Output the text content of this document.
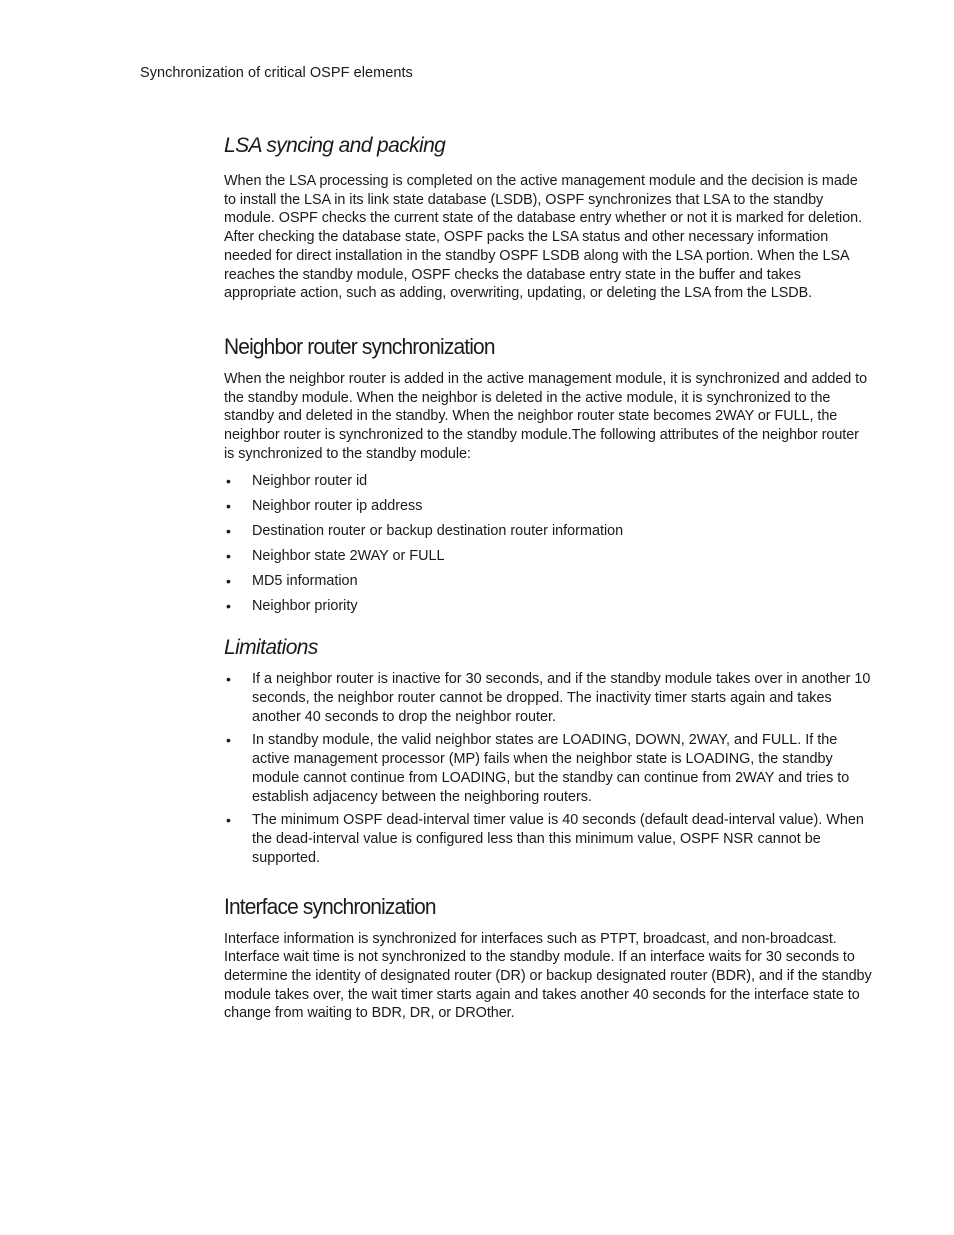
Synchronization of critical OSPF elements
LSA syncing and packing

When the LSA processing is completed on the active management module and the decision is made to install the LSA in its link state database (LSDB), OSPF synchronizes that LSA to the standby module. OSPF checks the current state of the database entry whether or not it is marked for deletion. After checking the database state, OSPF packs the LSA status and other necessary information needed for direct installation in the standby OSPF LSDB along with the LSA portion. When the LSA reaches the standby module, OSPF checks the database entry state in the buffer and takes appropriate action, such as adding, overwriting, updating, or deleting the LSA from the LSDB.

Neighbor router synchronization

When the neighbor router is added in the active management module, it is synchronized and added to the standby module. When the neighbor is deleted in the active module, it is synchronized to the standby and deleted in the standby. When the neighbor router state becomes 2WAY or FULL, the neighbor router is synchronized to the standby module.The following attributes of the neighbor router is synchronized to the standby module:

• Neighbor router id
• Neighbor router ip address
• Destination router or backup destination router information
• Neighbor state 2WAY or FULL
• MD5 information
• Neighbor priority
Limitations
• If a neighbor router is inactive for 30 seconds, and if the standby module takes over in another 10 seconds, the neighbor router cannot be dropped. The inactivity timer starts again and takes another 40 seconds to drop the neighbor router.
• In standby module, the valid neighbor states are LOADING, DOWN, 2WAY, and FULL. If the active management processor (MP) fails when the neighbor state is LOADING, the standby module cannot continue from LOADING, but the standby can continue from 2WAY and tries to establish adjacency between the neighboring routers.
• The minimum OSPF dead-interval timer value is 40 seconds (default dead-interval value). When the dead-interval value is configured less than this minimum value, OSPF NSR cannot be supported.
Interface synchronization

Interface information is synchronized for interfaces such as PTPT, broadcast, and non-broadcast. Interface wait time is not synchronized to the standby module. If an interface waits for 30 seconds to determine the identity of designated router (DR) or backup designated router (BDR), and if the standby module takes over, the wait timer starts again and takes another 40 seconds for the interface state to change from waiting to BDR, DR, or DROther.
